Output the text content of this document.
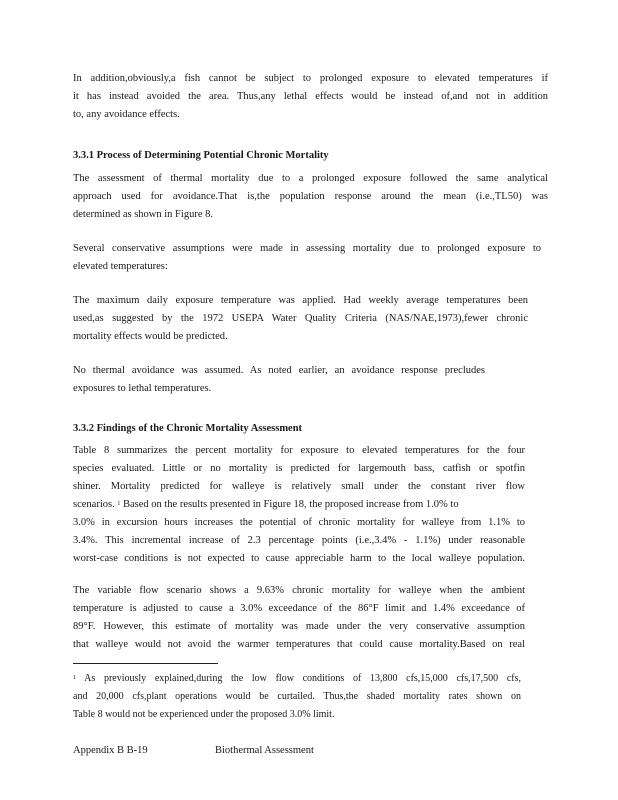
In addition,obviously,a fish cannot be subject to prolonged exposure to elevated temperatures if
it has instead avoided the area. Thus,any lethal effects would be instead of,and not in addition
to, any avoidance effects.
3.3.1 Process of Determining Potential Chronic Mortality
The assessment of thermal mortality due to a prolonged exposure followed the same analytical
approach used for avoidance.That is,the population response around the mean (i.e.,TL50) was
determined as shown in Figure 8.
Several conservative assumptions were made in assessing mortality due to prolonged exposure to
elevated temperatures:
The maximum daily exposure temperature was applied. Had weekly average temperatures been
used,as suggested by the 1972 USEPA Water Quality Criteria (NAS/NAE,1973),fewer chronic
mortality effects would be predicted.
No thermal avoidance was assumed. As noted earlier, an avoidance response precludes
exposures to lethal temperatures.
3.3.2 Findings of the Chronic Mortality Assessment
Table 8 summarizes the percent mortality for exposure to elevated temperatures for the four
species evaluated. Little or no mortality is predicted for largemouth bass, catfish or spotfin
shiner. Mortality predicted for walleye is relatively small under the constant river flow
scenarios. $^1$ Based on the results presented in Figure 18, the proposed increase from 1.0% to
3.0% in excursion hours increases the potential of chronic mortality for walleye from 1.1% to
3.4%. This incremental increase of 2.3 percentage points (i.e.,3.4% - 1.1%) under reasonable
worst-case conditions is not expected to cause appreciable harm to the local walleye population.
The variable flow scenario shows a 9.63% chronic mortality for walleye when the ambient
temperature is adjusted to cause a 3.0% exceedance of the 86°F limit and 1.4% exceedance of
89°F. However, this estimate of mortality was made under the very conservative assumption
that walleye would not avoid the warmer temperatures that could cause mortality.Based on real
$^1$ As previously explained,during the low flow conditions of 13,800 cfs,15,000 cfs,17,500 cfs,
and 20,000 cfs,plant operations would be curtailed. Thus,the shaded mortality rates shown on
Table 8 would not be experienced under the proposed 3.0% limit.
Appendix B B-19	Biothermal Assessment
